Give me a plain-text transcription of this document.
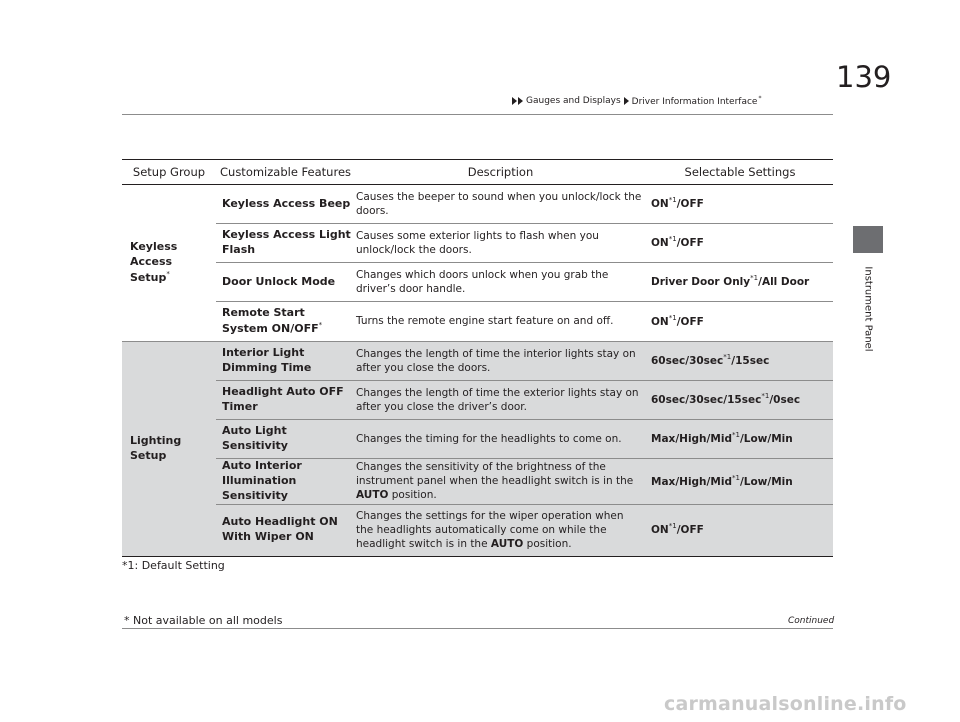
139
Gauges and Displays Driver Information Interface*
Instrument Panel
Setup Group	Customizable Features	Description	Selectable Settings
Keyless
Access
Setup*	Keyless Access Beep	Causes the beeper to sound when you unlock/lock the doors.	ON$^{*1}$/OFF
	Keyless Access Light Flash	Causes some exterior lights to flash when you unlock/lock the doors.	ON$^{*1}$/OFF
	Door Unlock Mode	Changes which doors unlock when you grab the driver’s door handle.	Driver Door Only$^{*1}$/All Door
	Remote Start System ON/OFF*	Turns the remote engine start feature on and off.	ON$^{*1}$/OFF
Lighting
Setup	Interior Light Dimming Time	Changes the length of time the interior lights stay on after you close the doors.	$60\sec/30\sec^{*1}/15\sec$
	Headlight Auto OFF Timer	Changes the length of time the exterior lights stay on after you close the driver’s door.	$60\sec/30\sec/15\sec^{*1}/0\sec$
	Auto Light Sensitivity	Changes the timing for the headlights to come on.	Max/High/Mid$^{*1}$/Low/Min
	Auto Interior Illumination Sensitivity	Changes the sensitivity of the brightness of the instrument panel when the headlight switch is in the AUTO position.	Max/High/Mid$^{*1}$/Low/Min
	Auto Headlight ON With Wiper ON	Changes the settings for the wiper operation when the headlights automatically come on while the headlight switch is in the AUTO position.	ON$^{*1}$/OFF
*1: Default Setting
Continued
* Not available on all models
carmanualsonline.info
